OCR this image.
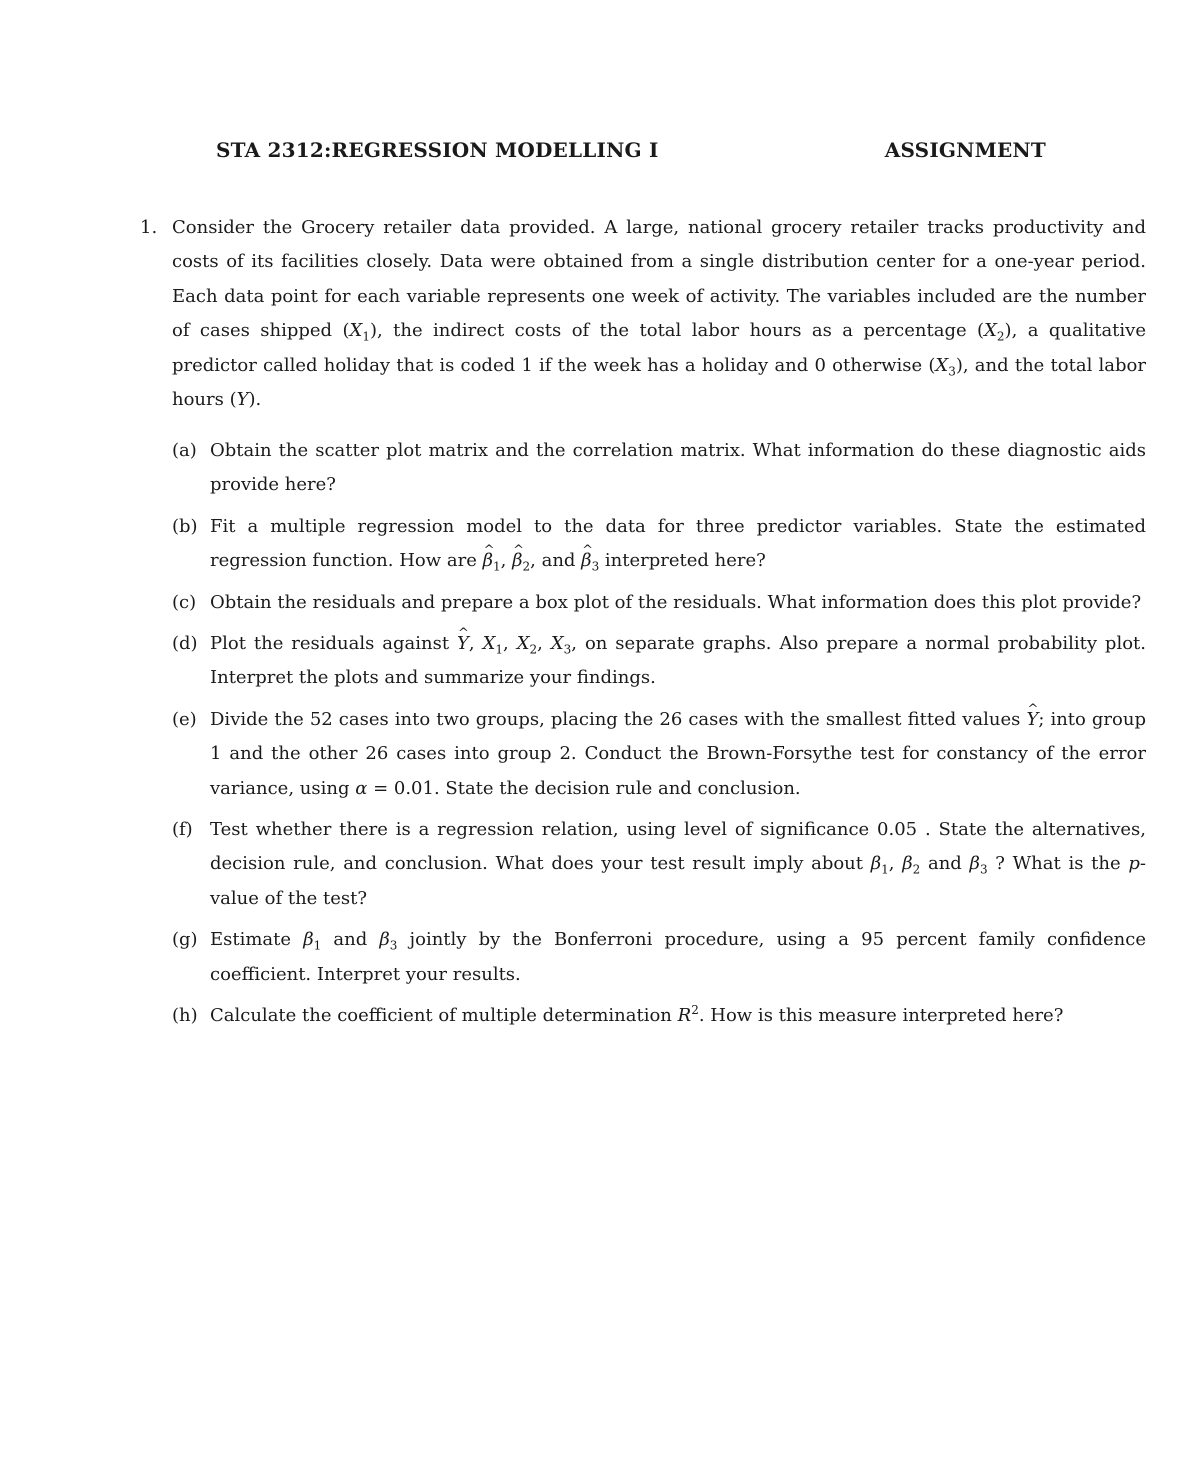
STA 2312:REGRESSION MODELLING I	ASSIGNMENT
1. Consider the Grocery retailer data provided. A large, national grocery retailer tracks productivity and costs of its facilities closely. Data were obtained from a single distribution center for a one-year period. Each data point for each variable represents one week of activity. The variables included are the number of cases shipped $(X_1)$, the indirect costs of the total labor hours as a percentage $(X_2)$, a qualitative predictor called holiday that is coded 1 if the week has a holiday and 0 otherwise $(X_3)$, and the total labor hours (Y).
(a) Obtain the scatter plot matrix and the correlation matrix. What information do these diagnostic aids provide here?
(b) Fit a multiple regression model to the data for three predictor variables. State the estimated regression function. How are ^ $\beta_1$, ^ $\beta_2$, and ^ $\beta_3$ interpreted here?
(c) Obtain the residuals and prepare a box plot of the residuals. What information does this plot provide?
(d) Plot the residuals against ^ Y, $X_1$, $X_2$, $X_3$, on separate graphs. Also prepare a normal probability plot. Interpret the plots and summarize your findings.
(e) Divide the 52 cases into two groups, placing the 26 cases with the smallest fitted values ^ Y; into group 1 and the other 26 cases into group 2. Conduct the Brown-Forsythe test for constancy of the error variance, using α = 0.01. State the decision rule and conclusion.
(f) Test whether there is a regression relation, using level of significance 0.05 . State the alternatives, decision rule, and conclusion. What does your test result imply about $\beta_1$, $\beta_2$ and $\beta_3$ ? What is the p-value of the test?
(g) Estimate $\beta_1$ and $\beta_3$ jointly by the Bonferroni procedure, using a 95 percent family confidence coefficient. Interpret your results.
(h) Calculate the coefficient of multiple determination $R^2$. How is this measure interpreted here?
